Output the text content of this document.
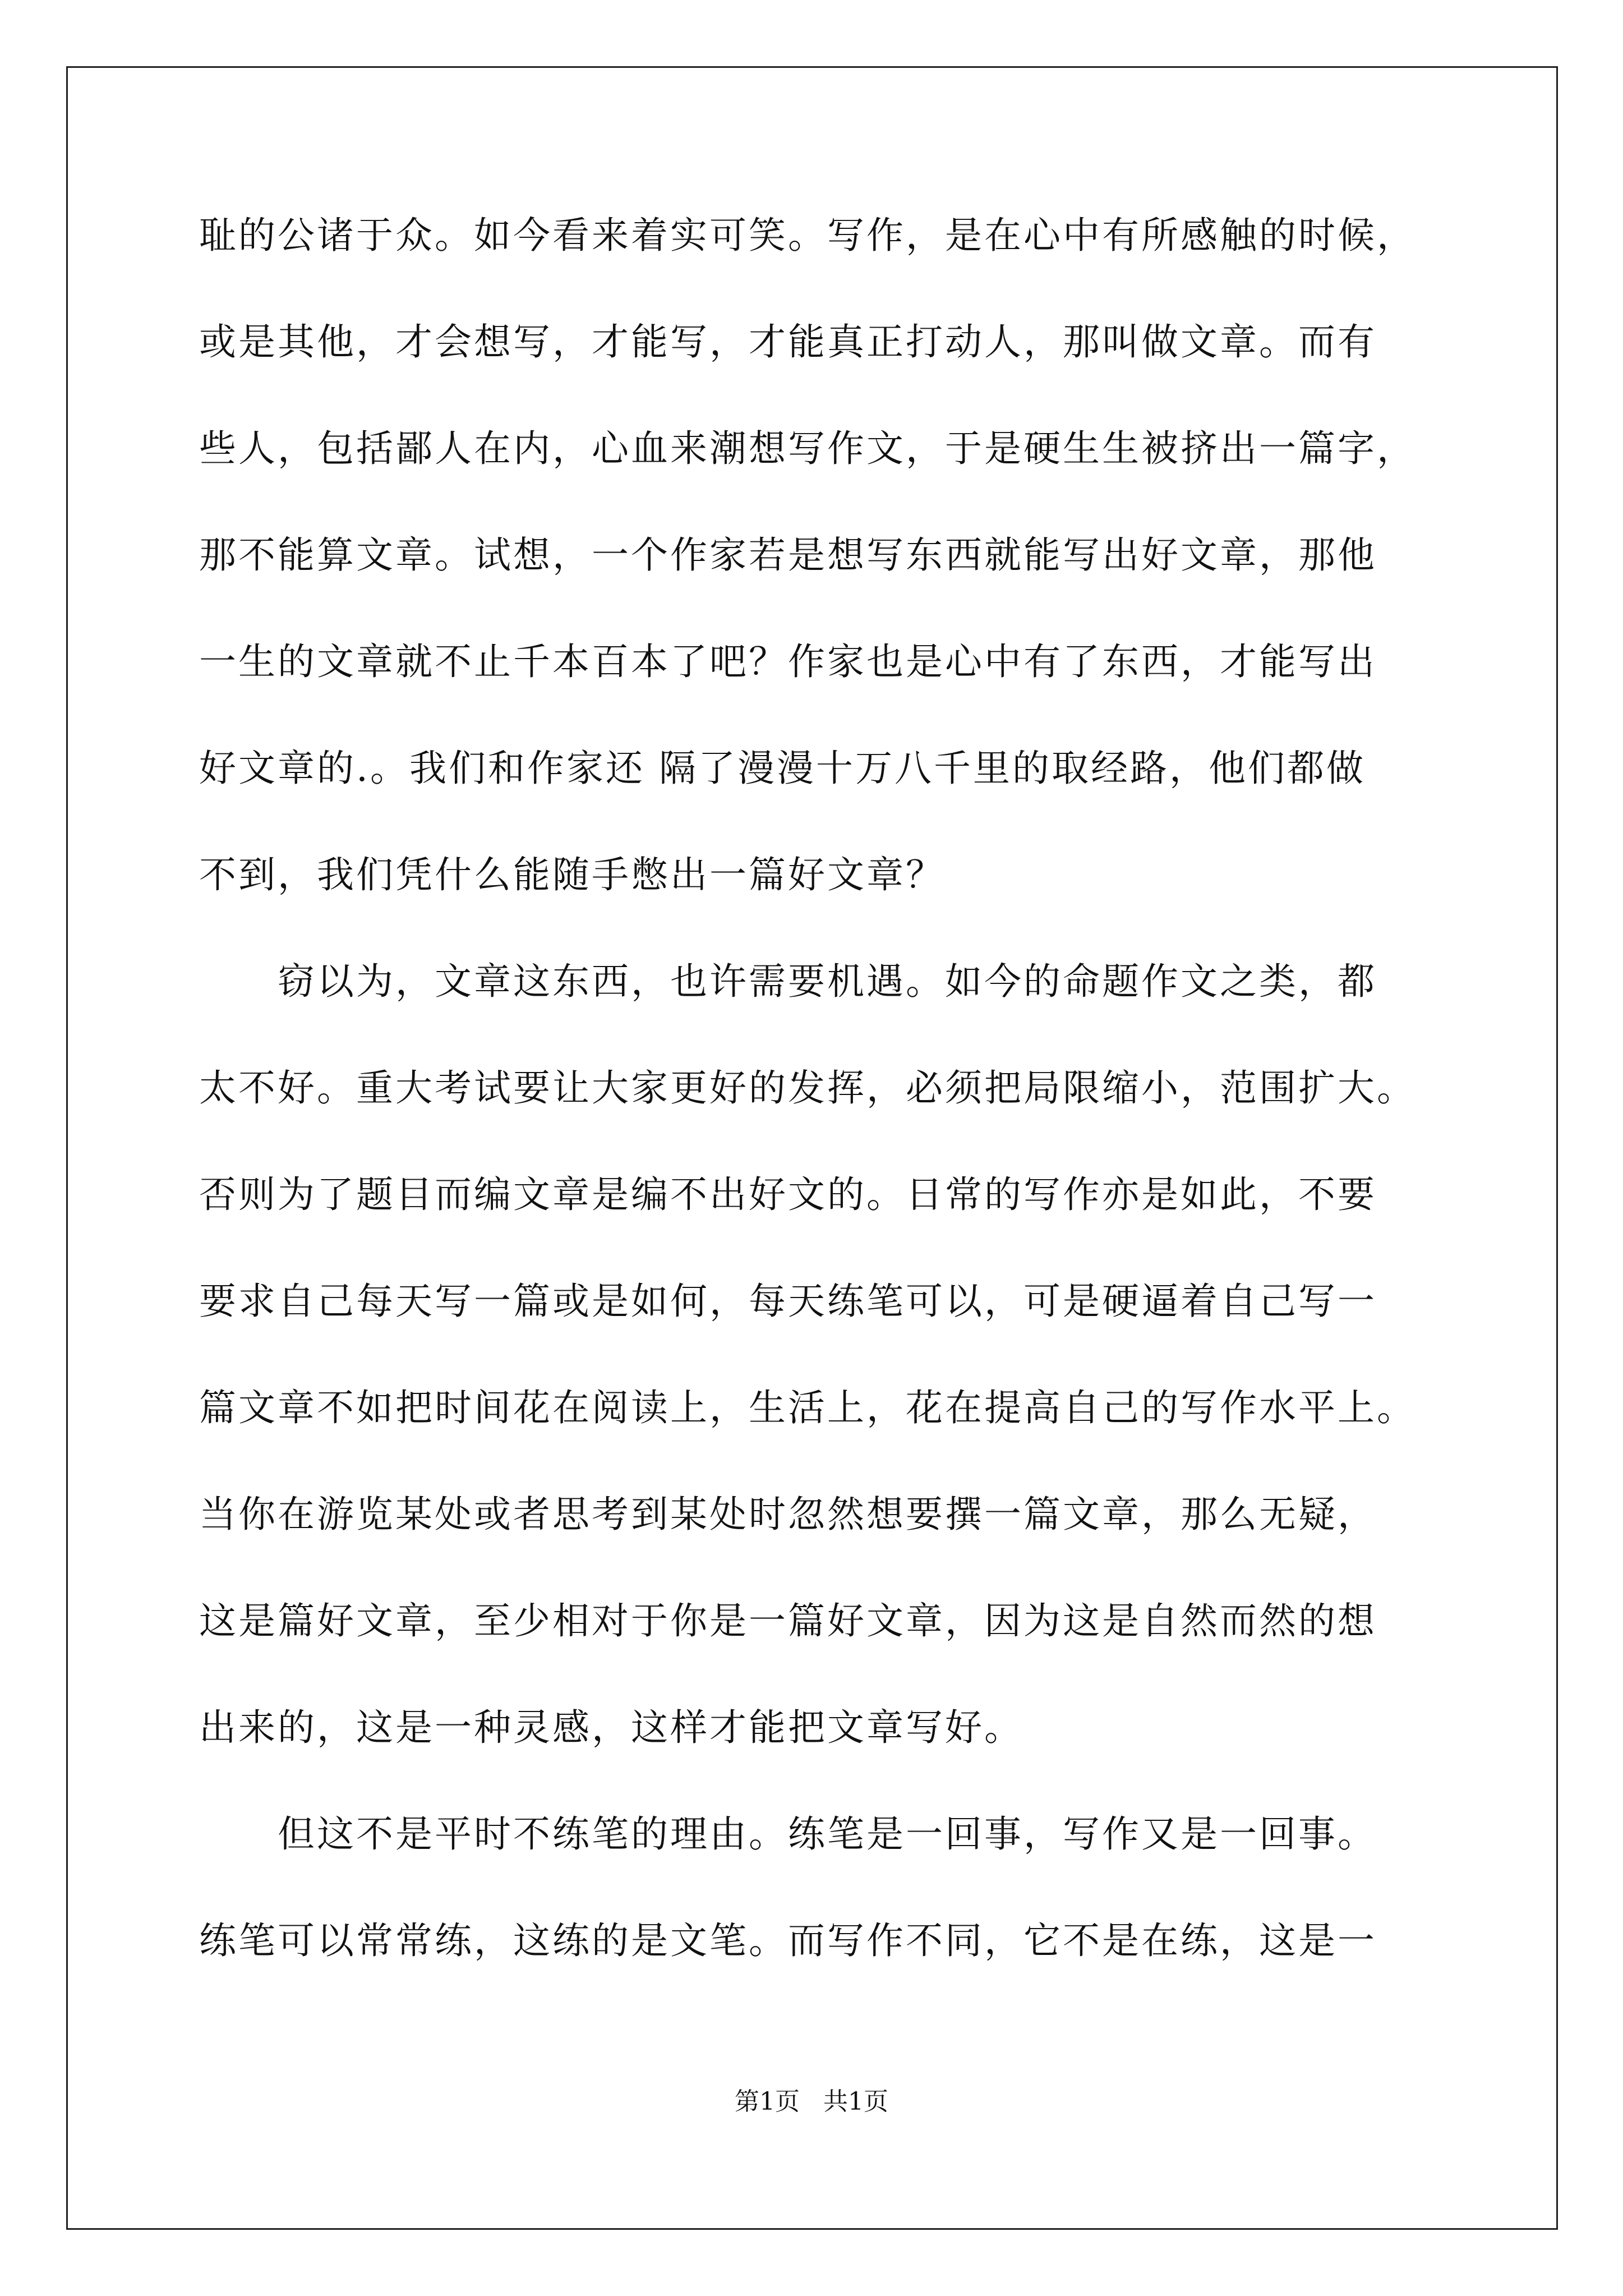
耻的公诸于众。如今看来着实可笑。写作，是在心中有所感触的时候，
或是其他，才会想写，才能写，才能真正打动人，那叫做文章。而有
些人，包括鄙人在内，心血来潮想写作文，于是硬生生被挤出一篇字，
那不能算文章。试想，一个作家若是想写东西就能写出好文章，那他
一生的文章就不止千本百本了吧？作家也是心中有了东西，才能写出
好文章的.。我们和作家还 隔了漫漫十万八千里的取经路，他们都做
不到，我们凭什么能随手憋出一篇好文章？
窃以为，文章这东西，也许需要机遇。如今的命题作文之类，都
太不好。重大考试要让大家更好的发挥，必须把局限缩小，范围扩大。
否则为了题目而编文章是编不出好文的。日常的写作亦是如此，不要
要求自己每天写一篇或是如何，每天练笔可以，可是硬逼着自己写一
篇文章不如把时间花在阅读上，生活上，花在提高自己的写作水平上。
当你在游览某处或者思考到某处时忽然想要撰一篇文章，那么无疑，
这是篇好文章，至少相对于你是一篇好文章，因为这是自然而然的想
出来的，这是一种灵感，这样才能把文章写好。
但这不是平时不练笔的理由。练笔是一回事，写作又是一回事。
练笔可以常常练，这练的是文笔。而写作不同，它不是在练，这是一
第1页   共1页
